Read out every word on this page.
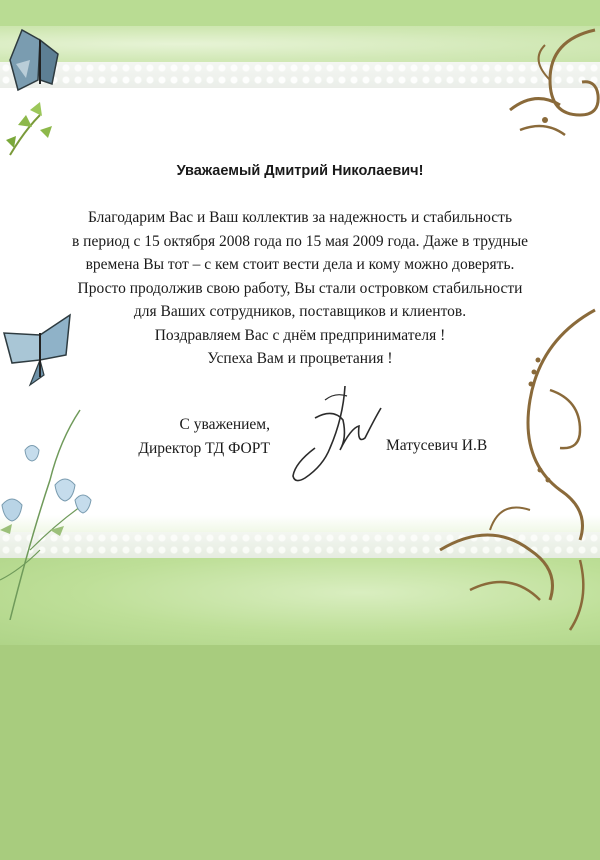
Уважаемый Дмитрий Николаевич!
Благодарим Вас и Ваш коллектив за надежность и стабильность
в период с 15 октября 2008 года по 15 мая 2009 года. Даже в трудные
времена Вы тот – с кем стоит вести дела и кому можно доверять.
Просто продолжив свою работу, Вы стали островком стабильности
для Ваших сотрудников, поставщиков и клиентов.
Поздравляем Вас с днём предпринимателя !
Успеха Вам и процветания !
С уважением,
Директор ТД ФОРТ	Матусевич И.В
